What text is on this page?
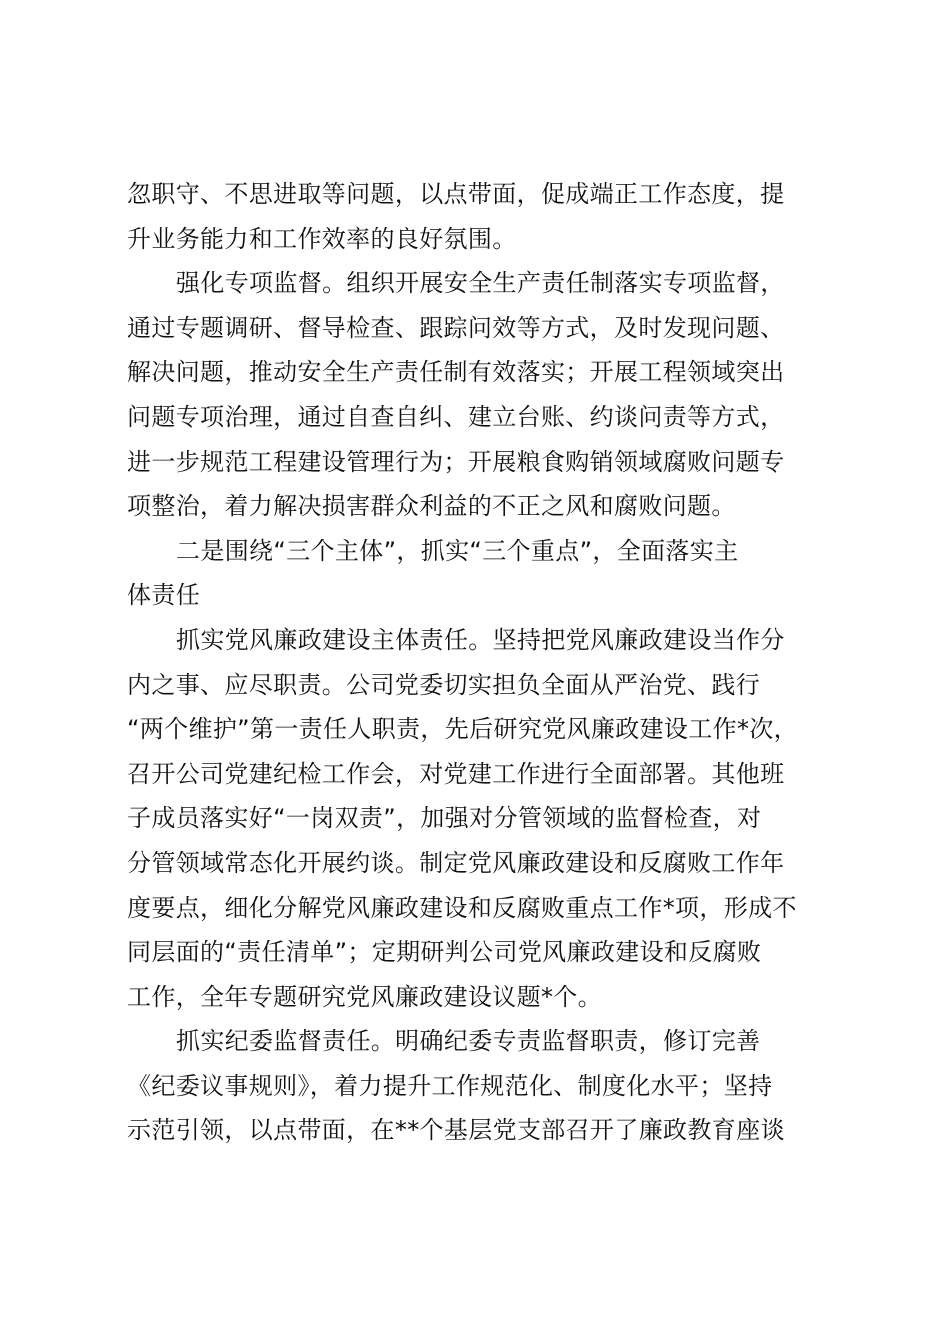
忽职守、不思进取等问题，以点带面，促成端正工作态度，提
升业务能力和工作效率的良好氛围。
强化专项监督。组织开展安全生产责任制落实专项监督，
通过专题调研、督导检查、跟踪问效等方式，及时发现问题、
解决问题，推动安全生产责任制有效落实；开展工程领域突出
问题专项治理，通过自查自纠、建立台账、约谈问责等方式，
进一步规范工程建设管理行为；开展粮食购销领域腐败问题专
项整治，着力解决损害群众利益的不正之风和腐败问题。
二是围绕“三个主体”，抓实“三个重点”，全面落实主
体责任
抓实党风廉政建设主体责任。坚持把党风廉政建设当作分
内之事、应尽职责。公司党委切实担负全面从严治党、践行
“两个维护”第一责任人职责，先后研究党风廉政建设工作*次，
召开公司党建纪检工作会，对党建工作进行全面部署。其他班
子成员落实好“一岗双责”，加强对分管领域的监督检查，对
分管领域常态化开展约谈。制定党风廉政建设和反腐败工作年
度要点，细化分解党风廉政建设和反腐败重点工作*项，形成不
同层面的“责任清单”；定期研判公司党风廉政建设和反腐败
工作，全年专题研究党风廉政建设议题*个。
抓实纪委监督责任。明确纪委专责监督职责，修订完善
《纪委议事规则》，着力提升工作规范化、制度化水平；坚持
示范引领，以点带面，在**个基层党支部召开了廉政教育座谈
